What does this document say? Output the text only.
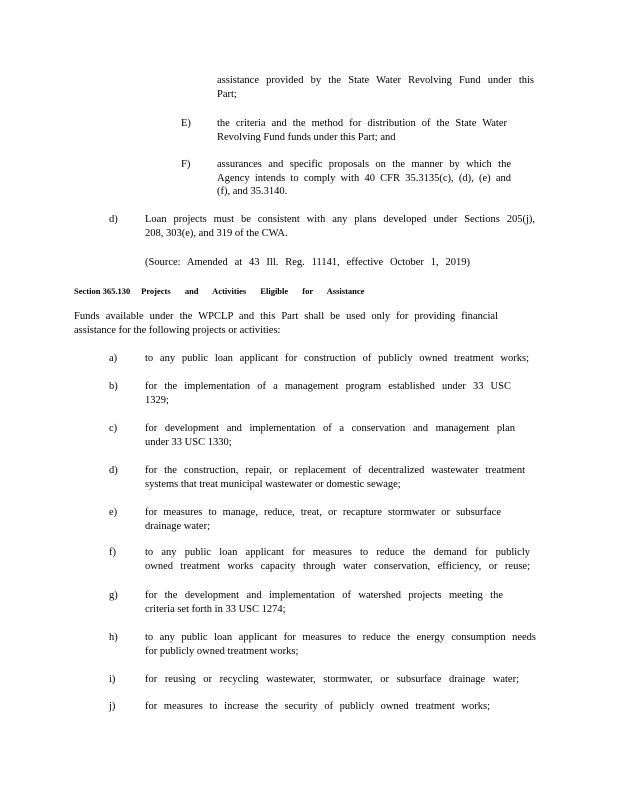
assistance provided by the State Water Revolving Fund under this
Part;
E) the criteria and the method for distribution of the State Water
Revolving Fund funds under this Part; and
F)	assurances and specific proposals on the manner by which the
Agency intends to comply with 40 CFR 35.3135(c), (d), (e) and
(f), and 35.3140.
d)	Loan projects must be consistent with any plans developed under Sections 205(j),
208, 303(e), and 319 of the CWA.
(Source: Amended at 43 Ill. Reg. 11141, effective October 1, 2019)
Section 365.130 Projects and Activities Eligible for Assistance
Funds available under the WPCLP and this Part shall be used only for providing financial
assistance for the following projects or activities:
a)	to any public loan applicant for construction of publicly owned treatment works;
b)	for the implementation of a management program established under 33 USC
1329;
c)	for development and implementation of a conservation and management plan
under 33 USC 1330;
d)	for the construction, repair, or replacement of decentralized wastewater treatment
systems that treat municipal wastewater or domestic sewage;
e)	for measures to manage, reduce, treat, or recapture stormwater or subsurface
drainage water;
f)	to any public loan applicant for measures to reduce the demand for publicly
owned treatment works capacity through water conservation, efficiency, or reuse;
g)	for the development and implementation of watershed projects meeting the
criteria set forth in 33 USC 1274;
h)	to any public loan applicant for measures to reduce the energy consumption needs
for publicly owned treatment works;
i)	for reusing or recycling wastewater, stormwater, or subsurface drainage water;
j)	for measures to increase the security of publicly owned treatment works;
